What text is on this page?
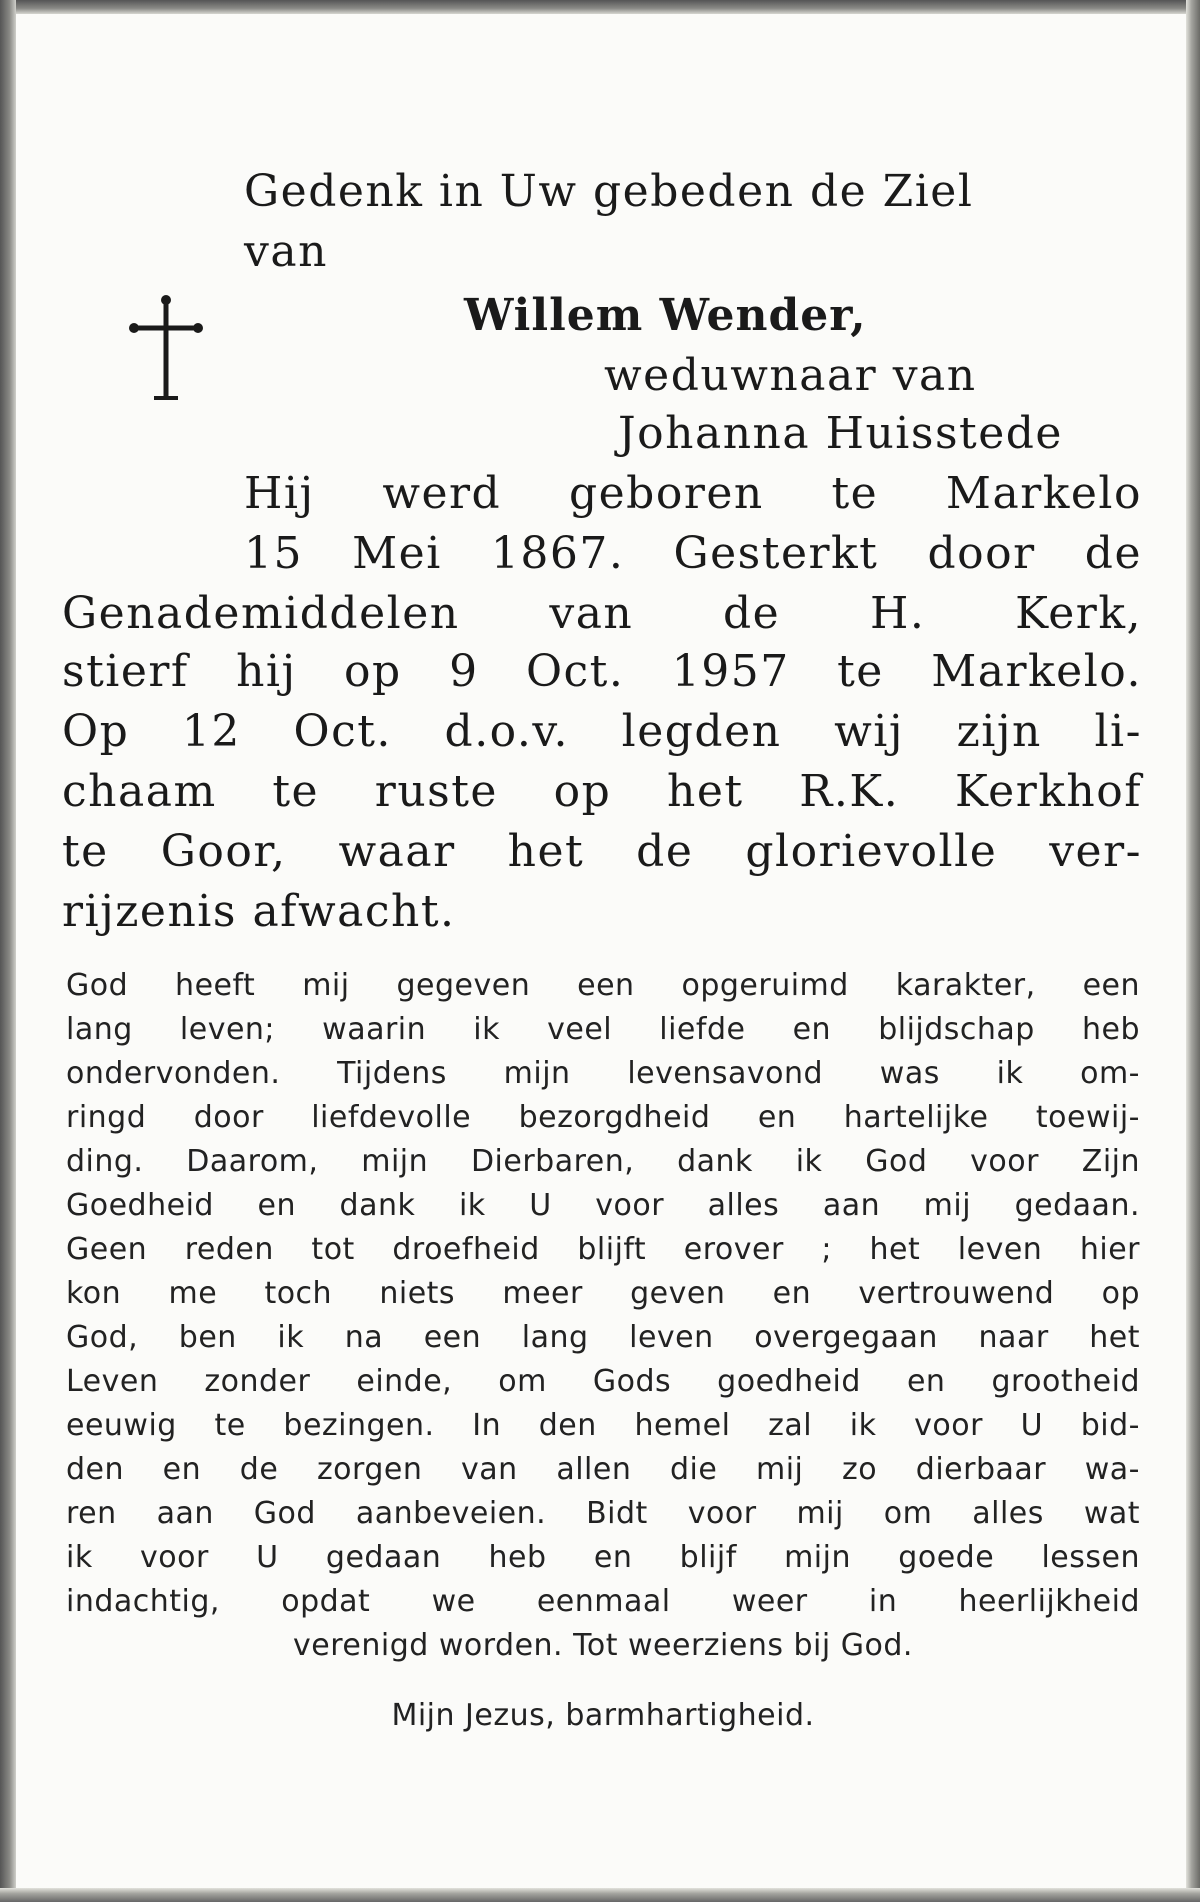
Gedenk in Uw gebeden de Ziel
van
Willem Wender,
weduwnaar van
Johanna Huisstede
Hij werd geboren te Markelo
15 Mei 1867. Gesterkt door de
Genademiddelen van de H. Kerk,
stierf hij op 9 Oct. 1957 te Markelo.
Op 12 Oct. d.o.v. legden wij zijn li-
chaam te ruste op het R.K. Kerkhof
te Goor, waar het de glorievolle ver-
rijzenis afwacht.
God heeft mij gegeven een opgeruimd karakter, een
lang leven; waarin ik veel liefde en blijdschap heb
ondervonden. Tijdens mijn levensavond was ik om-
ringd door liefdevolle bezorgdheid en hartelijke toewij-
ding. Daarom, mijn Dierbaren, dank ik God voor Zijn
Goedheid en dank ik U voor alles aan mij gedaan.
Geen reden tot droefheid blijft erover ; het leven hier
kon me toch niets meer geven en vertrouwend op
God, ben ik na een lang leven overgegaan naar het
Leven zonder einde, om Gods goedheid en grootheid
eeuwig te bezingen. In den hemel zal ik voor U bid-
den en de zorgen van allen die mij zo dierbaar wa-
ren aan God aanbeveien. Bidt voor mij om alles wat
ik voor U gedaan heb en blijf mijn goede lessen
indachtig, opdat we eenmaal weer in heerlijkheid
verenigd worden. Tot weerziens bij God.
Mijn Jezus, barmhartigheid.
